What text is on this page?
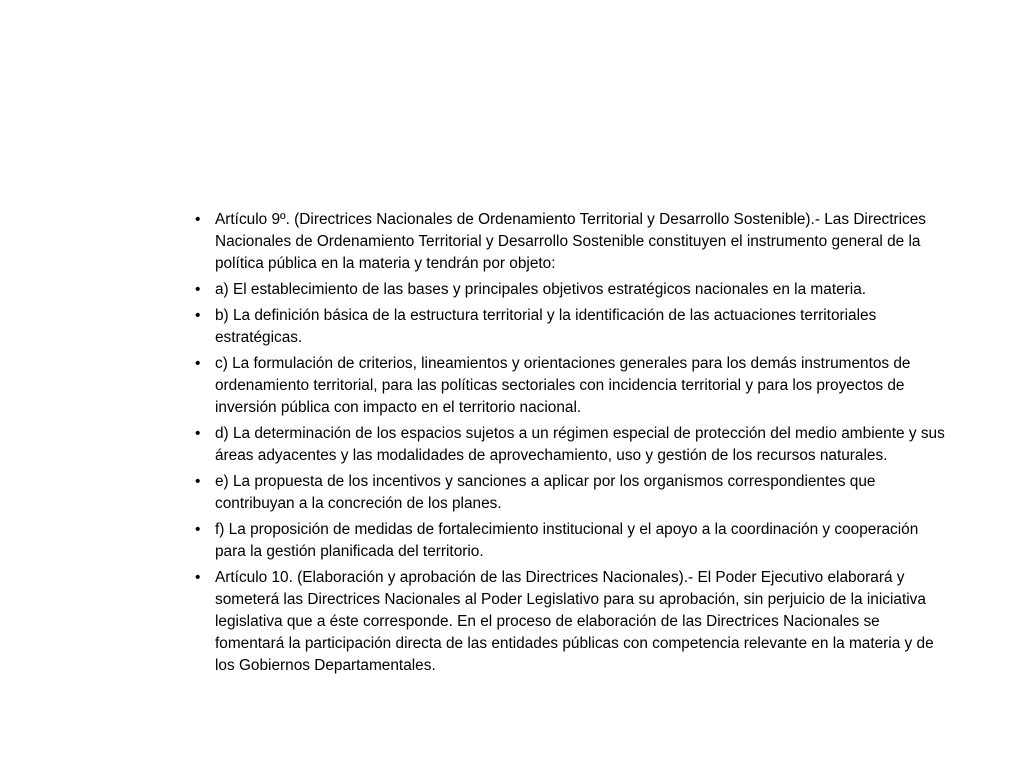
• Artículo 9º. (Directrices Nacionales de Ordenamiento Territorial y Desarrollo Sostenible).- Las Directrices Nacionales de Ordenamiento Territorial y Desarrollo Sostenible constituyen el instrumento general de la política pública en la materia y tendrán por objeto:
• a) El establecimiento de las bases y principales objetivos estratégicos nacionales en la materia.
• b) La definición básica de la estructura territorial y la identificación de las actuaciones territoriales estratégicas.
• c) La formulación de criterios, lineamientos y orientaciones generales para los demás instrumentos de ordenamiento territorial, para las políticas sectoriales con incidencia territorial y para los proyectos de inversión pública con impacto en el territorio nacional.
• d) La determinación de los espacios sujetos a un régimen especial de protección del medio ambiente y sus áreas adyacentes y las modalidades de aprovechamiento, uso y gestión de los recursos naturales.
• e) La propuesta de los incentivos y sanciones a aplicar por los organismos correspondientes que contribuyan a la concreción de los planes.
• f) La proposición de medidas de fortalecimiento institucional y el apoyo a la coordinación y cooperación para la gestión planificada del territorio.
• Artículo 10. (Elaboración y aprobación de las Directrices Nacionales).- El Poder Ejecutivo elaborará y someterá las Directrices Nacionales al Poder Legislativo para su aprobación, sin perjuicio de la iniciativa legislativa que a éste corresponde. En el proceso de elaboración de las Directrices Nacionales se fomentará la participación directa de las entidades públicas con competencia relevante en la materia y de los Gobiernos Departamentales.
